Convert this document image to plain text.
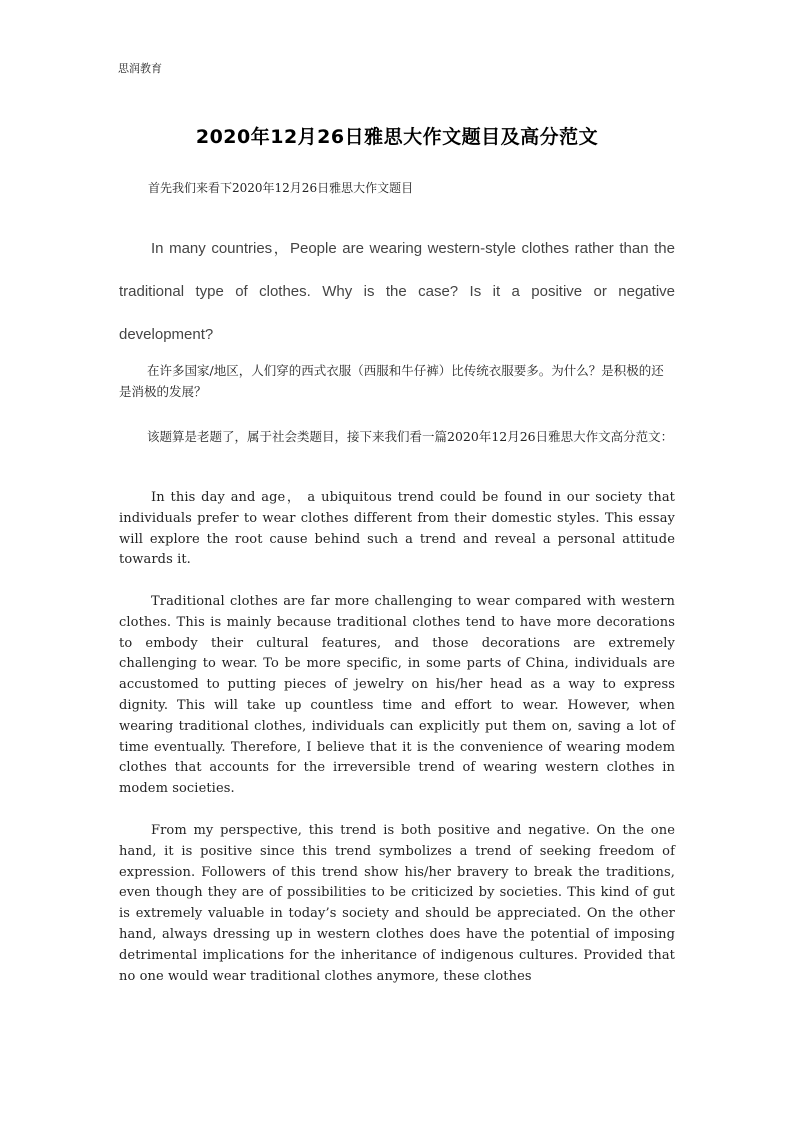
思润教育
2020年12月26日雅思大作文题目及高分范文
首先我们来看下2020年12月26日雅思大作文题目

In many countries，People are wearing western-style clothes rather than the traditional type of clothes. Why is the case? Is it a positive or negative development?

在许多国家/地区，人们穿的西式衣服（西服和牛仔裤）比传统衣服要多。为什么？是积极的还是消极的发展？

该题算是老题了，属于社会类题目，接下来我们看一篇2020年12月26日雅思大作文高分范文：

In this day and age， a ubiquitous trend could be found in our society that individuals prefer to wear clothes different from their domestic styles. This essay will explore the root cause behind such a trend and reveal a personal attitude towards it.

Traditional clothes are far more challenging to wear compared with western clothes. This is mainly because traditional clothes tend to have more decorations to embody their cultural features, and those decorations are extremely challenging to wear. To be more specific, in some parts of China, individuals are accustomed to putting pieces of jewelry on his/her head as a way to express dignity. This will take up countless time and effort to wear. However, when wearing traditional clothes, individuals can explicitly put them on, saving a lot of time eventually. Therefore, I believe that it is the convenience of wearing modem clothes that accounts for the irreversible trend of wearing western clothes in modem societies.

From my perspective, this trend is both positive and negative. On the one hand, it is positive since this trend symbolizes a trend of seeking freedom of expression. Followers of this trend show his/her bravery to break the traditions, even though they are of possibilities to be criticized by societies. This kind of gut is extremely valuable in today’s society and should be appreciated. On the other hand, always dressing up in western clothes does have the potential of imposing detrimental implications for the inheritance of indigenous cultures. Provided that no one would wear traditional clothes anymore, these clothes
